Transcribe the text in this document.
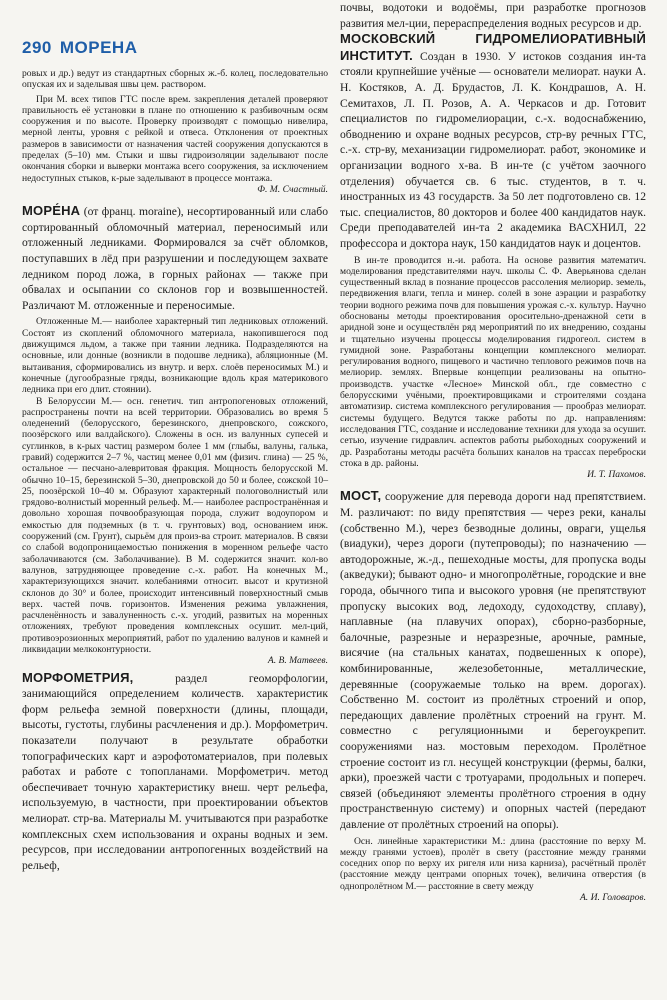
290 МОРЕНА

ровых и др.) ведут из стандартных сборных ж.-б. колец, последовательно опуская их и заделывая швы цем. раствором.

При М. всех типов ГТС после врем. закрепления деталей проверяют правильность её установки в плане по отношению к разбивочным осям сооружения и по высоте. Проверку производят с помощью нивелира, мерной ленты, уровня с рейкой и отвеса. Отклонения от проектных размеров в зависимости от назначения частей сооружения допускаются в пределах (5–10) мм. Стыки и швы гидроизоляции заделывают после окончания сборки и выверки монтажа всего сооружения, за исключением недоступных стыков, к-рые заделывают в процессе монтажа.

Ф. М. Счастный.

МОРЕ́НА (от франц. moraine), несортированный или слабо сортированный обломочный материал, переносимый или отложенный ледниками. Формировался за счёт обломков, поступавших в лёд при разрушении и последующем захвате ледником пород ложа, в горных районах — также при обвалах и осыпании со склонов гор и возвышенностей. Различают М. отложенные и переносимые.

Отложенные М.— наиболее характерный тип ледниковых отложений. Состоят из скоплений обломочного материала, накопившегося под движущимся льдом, а также при таянии ледника. Подразделяются на основные, или донные (возникли в подошве ледника), абляционные (М. вытаивания, сформировались из внутр. и верх. слоёв переносимых М.) и конечные (дугообразные гряды, возникающие вдоль края материкового ледника при его длит. стоянии).

В Белоруссии М.— осн. генетич. тип антропогеновых отложений, распространены почти на всей территории. Образовались во время 5 оледенений (белорусского, березинского, днепровского, сожского, поозёрского или валдайского). Сложены в осн. из валунных супесей и суглинков, в к-рых частиц размером более 1 мм (глыбы, валуны, галька, гравий) содержится 2–7 %, частиц менее 0,01 мм (физич. глина) — 25 %, остальное — песчано-алевритовая фракция. Мощность белорусской М. обычно 10–15, березинской 5–30, днепровской до 50 и более, сожской 10–25, поозёрской 10–40 м. Образуют характерный пологоволнистый или грядово-волнистый моренный рельеф. М.— наиболее распространённая и довольно хорошая почвообразующая порода, служит водоупором и емкостью для подземных (в т. ч. грунтовых) вод, основанием инж. сооружений (см. Грунт), сырьём для произ-ва строит. материалов. В связи со слабой водопроницаемостью понижения в моренном рельефе часто заболачиваются (см. Заболачивание). В М. содержится значит. кол-во валунов, затрудняющее проведение с.-х. работ. На конечных М., характеризующихся значит. колебаниями относит. высот и крутизной склонов до 30° и более, происходит интенсивный поверхностный смыв верх. частей почв. горизонтов. Изменения режима увлажнения, расчленённость и завалуненность с.-х. угодий, развитых на моренных отложениях, требуют проведения комплексных осушит. мел-ций, противоэрозионных мероприятий, работ по удалению валунов и камней и ликвидации мелкоконтурности.

А. В. Матвеев.

МОРФОМЕТРИЯ,	раздел геоморфологии, занимающийся определением количеств. характеристик форм рельефа земной поверхности (длины, площади, высоты, густоты, глубины расчленения и др.). Морфометрич. показатели получают в результате обработки топографических карт и аэрофотоматериалов, при полевых работах и работе с топопланами. Морфометрич. метод обеспечивает точную характеристику внеш. черт рельефа, используемую, в частности, при проектировании объектов мелиорат. стр-ва. Материалы М. учитываются при разработке комплексных схем использования и охраны водных и зем. ресурсов, при исследовании антропогенных воздействий на рельеф,

почвы, водотоки и водоёмы, при разработке прогнозов развития мел-ции, перераспределения водных ресурсов и др.

МОСКОВСКИЙ ГИДРОМЕЛИОРАТИВНЫЙ ИНСТИТУТ. Создан в 1930. У истоков создания ин-та стояли крупнейшие учёные — основатели мелиорат. науки А. Н. Костяков, А. Д. Брудастов, Л. К. Кондрашов, А. Н. Семитахов, Л. П. Розов, А. А. Черкасов и др. Готовит специалистов по гидромелиорации, с.-х. водоснабжению, обводнению и охране водных ресурсов, стр-ву речных ГТС, с.-х. стр-ву, механизации гидромелиорат. работ, экономике и организации водного х-ва. В ин-те (с учётом заочного отделения) обучается св. 6 тыс. студентов, в т. ч. иностранных из 43 государств. За 50 лет подготовлено св. 12 тыс. специалистов, 80 докторов и более 400 кандидатов наук. Среди преподавателей ин-та 2 академика ВАСХНИЛ, 22 профессора и доктора наук, 150 кандидатов наук и доцентов.

В ин-те проводится н.-и. работа. На основе развития математич. моделирования представителями науч. школы С. Ф. Аверьянова сделан существенный вклад в познание процессов рассоления мелиорир. земель, передвижения влаги, тепла и минер. солей в зоне аэрации и разработку теории водного режима почв для повышения урожая с.-х. культур. Научно обоснованы методы проектирования оросительно-дренажной сети в аридной зоне и осуществлён ряд мероприятий по их внедрению, созданы и тщательно изучены процессы моделирования гидрогеол. систем в гумидной зоне. Разработаны концепции комплексного мелиорат. регулирования водного, пищевого и частично теплового режимов почв на мелиорир. землях. Впервые концепции реализованы на опытно-производств. участке «Лесное» Минской обл., где совместно с белорусскими учёными, проектировщиками и строителями создана автоматизир. система комплексного регулирования — прообраз мелиорат. системы будущего. Ведутся также работы по др. направлениям: исследования ГТС, создание и исследование техники для ухода за осушит. сетью, изучение гидравлич. аспектов работы рыбоходных сооружений и др. Разработаны методы расчёта больших каналов на трассах переброски стока в др. районы.

И. Т. Пахомов.

МОСТ, сооружение для перевода дороги над препятствием. М. различают: по виду препятствия — через реки, каналы (собственно М.), через безводные долины, овраги, ущелья (виадуки), через дороги (путепроводы); по назначению — автодорожные, ж.-д., пешеходные мосты, для пропуска воды (акведуки); бывают одно- и многопролётные, городские и вне города, обычного типа и высокого уровня (не препятствуют пропуску высоких вод, ледоходу, судоходству, сплаву), наплавные (на плавучих опорах), сборно-разборные, балочные, разрезные и неразрезные, арочные, рамные, висячие (на стальных канатах, подвешенных к опоре), комбинированные, железобетонные, металлические, деревянные (сооружаемые только на врем. дорогах). Собственно М. состоит из пролётных строений и опор, передающих давление пролётных строений на грунт. М. совместно с регуляционными и берегоукрепит. сооружениями наз. мостовым переходом. Пролётное строение состоит из гл. несущей конструкции (фермы, балки, арки), проезжей части с тротуарами, продольных и попереч. связей (объединяют элементы пролётного строения в одну пространственную систему) и опорных частей (передают давление от пролётных строений на опоры).

Осн. линейные характеристики М.: длина (расстояние по верху М. между гранями устоев), пролёт в свету (расстояние между гранями соседних опор по верху их ригеля или низа карниза), расчётный пролёт (расстояние между центрами опорных точек), величина отверстия (в однопролётном М.— расстояние в свету между

А. И. Головаров.
